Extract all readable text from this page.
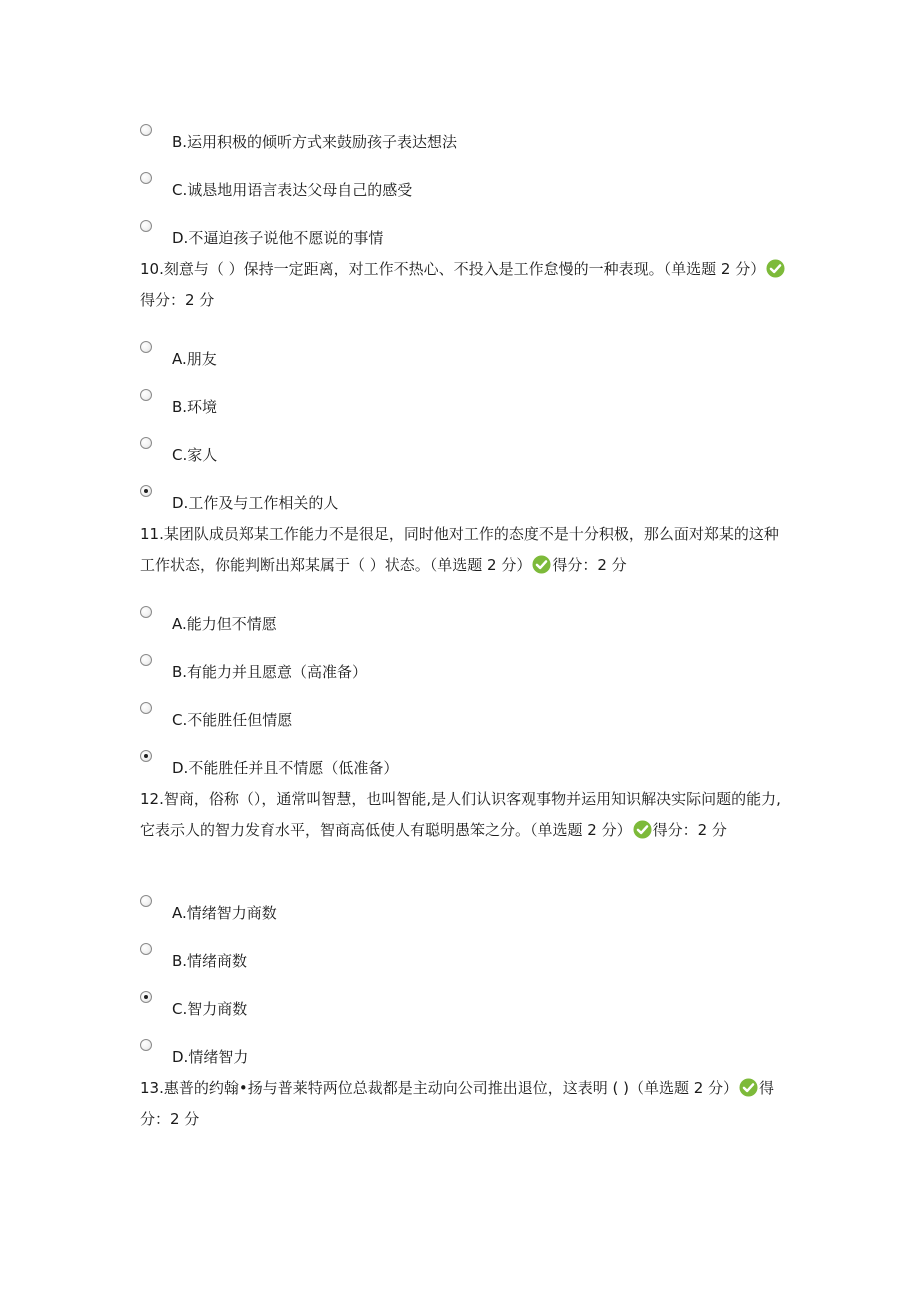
B.运用积极的倾听方式来鼓励孩子表达想法
C.诚恳地用语言表达父母自己的感受
D.不逼迫孩子说他不愿说的事情
10.刻意与（ ）保持一定距离，对工作不热心、不投入是工作怠慢的一种表现。（单选题 2 分）得分：2 分
A.朋友
B.环境
C.家人
D.工作及与工作相关的人
11.某团队成员郑某工作能力不是很足，同时他对工作的态度不是十分积极，那么面对郑某的这种工作状态，你能判断出郑某属于（ ）状态。（单选题 2 分） 得分：2 分
A.能力但不情愿
B.有能力并且愿意（高准备）
C.不能胜任但情愿
D.不能胜任并且不情愿（低准备）
12.智商，俗称（），通常叫智慧，也叫智能,是人们认识客观事物并运用知识解决实际问题的能力,它表示人的智力发育水平，智商高低使人有聪明愚笨之分。（单选题 2 分） 得分：2 分
A.情绪智力商数
B.情绪商数
C.智力商数
D.情绪智力
13.惠普的约翰•扬与普莱特两位总裁都是主动向公司推出退位，这表明 ( )（单选题 2 分） 得分：2 分
